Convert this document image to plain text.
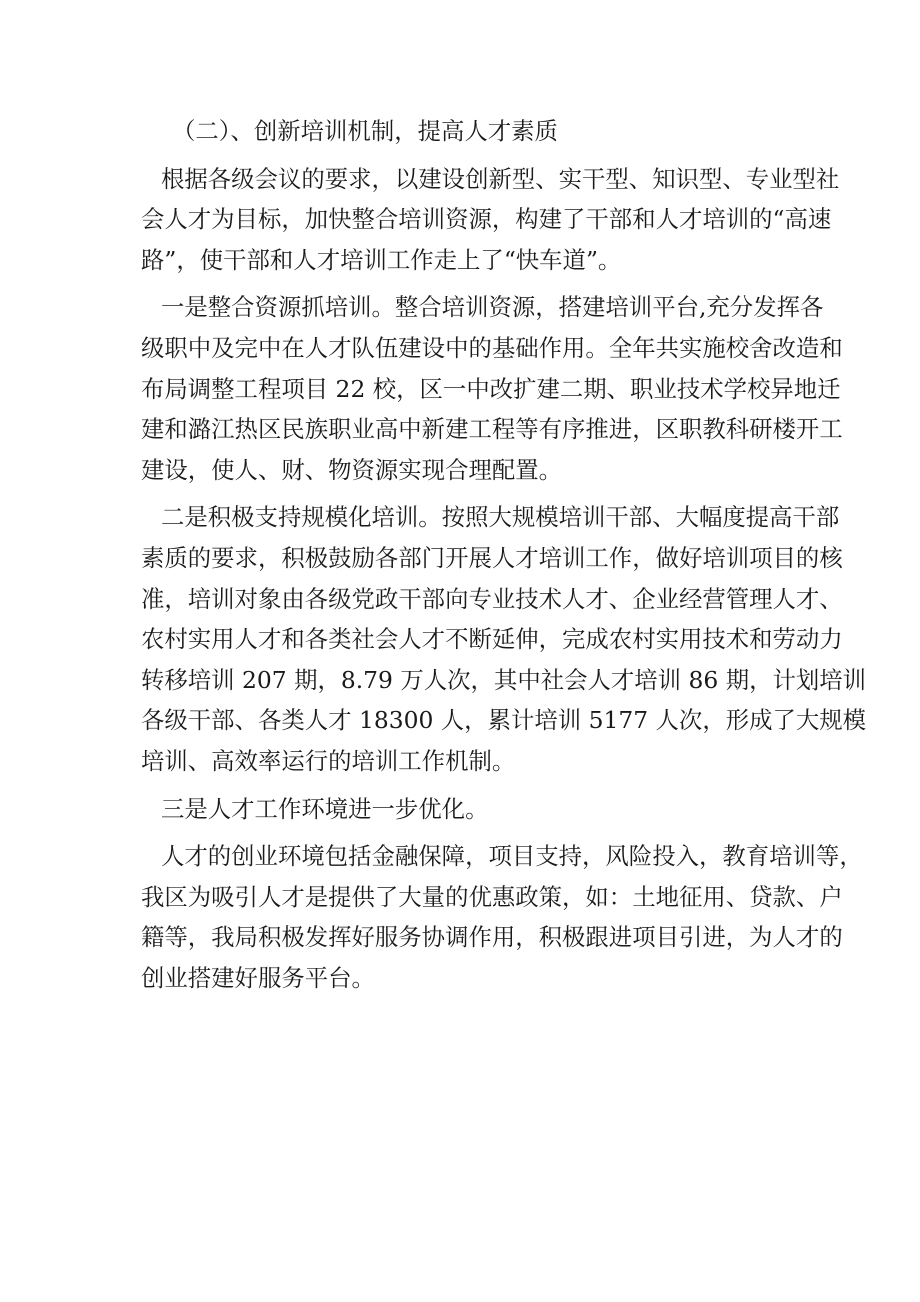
（二）、创新培训机制，提高人才素质
根据各级会议的要求，以建设创新型、实干型、知识型、专业型社
会人才为目标，加快整合培训资源，构建了干部和人才培训的“高速
路”，使干部和人才培训工作走上了“快车道”。
一是整合资源抓培训。整合培训资源，搭建培训平台,充分发挥各
级职中及完中在人才队伍建设中的基础作用。全年共实施校舍改造和
布局调整工程项目 22 校，区一中改扩建二期、职业技术学校异地迁
建和潞江热区民族职业高中新建工程等有序推进，区职教科研楼开工
建设，使人、财、物资源实现合理配置。
二是积极支持规模化培训。按照大规模培训干部、大幅度提高干部
素质的要求，积极鼓励各部门开展人才培训工作，做好培训项目的核
准，培训对象由各级党政干部向专业技术人才、企业经营管理人才、
农村实用人才和各类社会人才不断延伸，完成农村实用技术和劳动力
转移培训 207 期，8.79 万人次，其中社会人才培训 86 期，计划培训
各级干部、各类人才 18300 人，累计培训 5177 人次，形成了大规模
培训、高效率运行的培训工作机制。
三是人才工作环境进一步优化。
人才的创业环境包括金融保障，项目支持，风险投入，教育培训等，
我区为吸引人才是提供了大量的优惠政策，如：土地征用、贷款、户
籍等，我局积极发挥好服务协调作用，积极跟进项目引进，为人才的
创业搭建好服务平台。
